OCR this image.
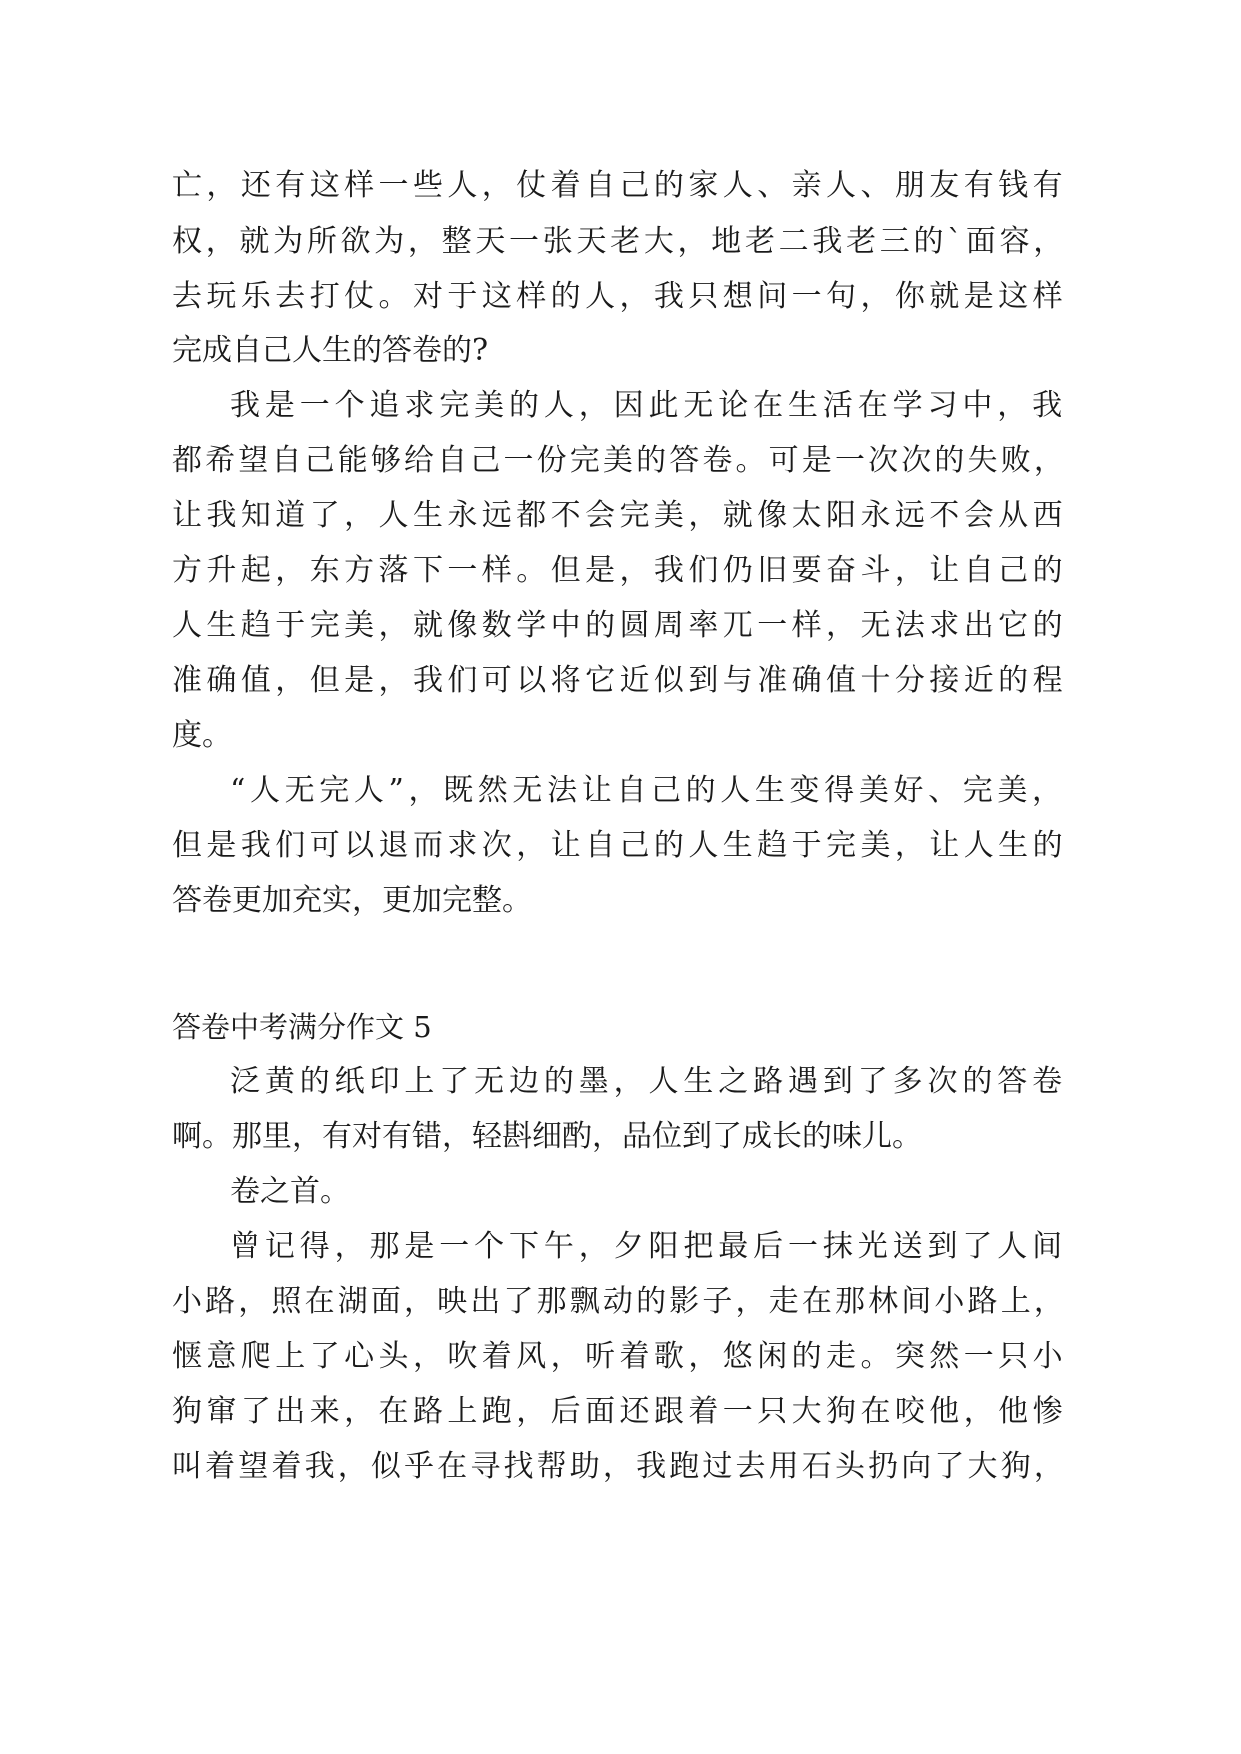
亡，还有这样一些人，仗着自己的家人、亲人、朋友有钱有
权，就为所欲为，整天一张天老大，地老二我老三的`面容，
去玩乐去打仗。对于这样的人，我只想问一句，你就是这样
完成自己人生的答卷的?
我是一个追求完美的人，因此无论在生活在学习中，我
都希望自己能够给自己一份完美的答卷。可是一次次的失败，
让我知道了，人生永远都不会完美，就像太阳永远不会从西
方升起，东方落下一样。但是，我们仍旧要奋斗，让自己的
人生趋于完美，就像数学中的圆周率兀一样，无法求出它的
准确值，但是，我们可以将它近似到与准确值十分接近的程
度。
“人无完人”，既然无法让自己的人生变得美好、完美，
但是我们可以退而求次，让自己的人生趋于完美，让人生的
答卷更加充实，更加完整。
答卷中考满分作文 5
泛黄的纸印上了无边的墨，人生之路遇到了多次的答卷
啊。那里，有对有错，轻斟细酌，品位到了成长的味儿。
卷之首。
曾记得，那是一个下午，夕阳把最后一抹光送到了人间
小路，照在湖面，映出了那飘动的影子，走在那林间小路上，
惬意爬上了心头，吹着风，听着歌，悠闲的走。突然一只小
狗窜了出来，在路上跑，后面还跟着一只大狗在咬他，他惨
叫着望着我，似乎在寻找帮助，我跑过去用石头扔向了大狗，
